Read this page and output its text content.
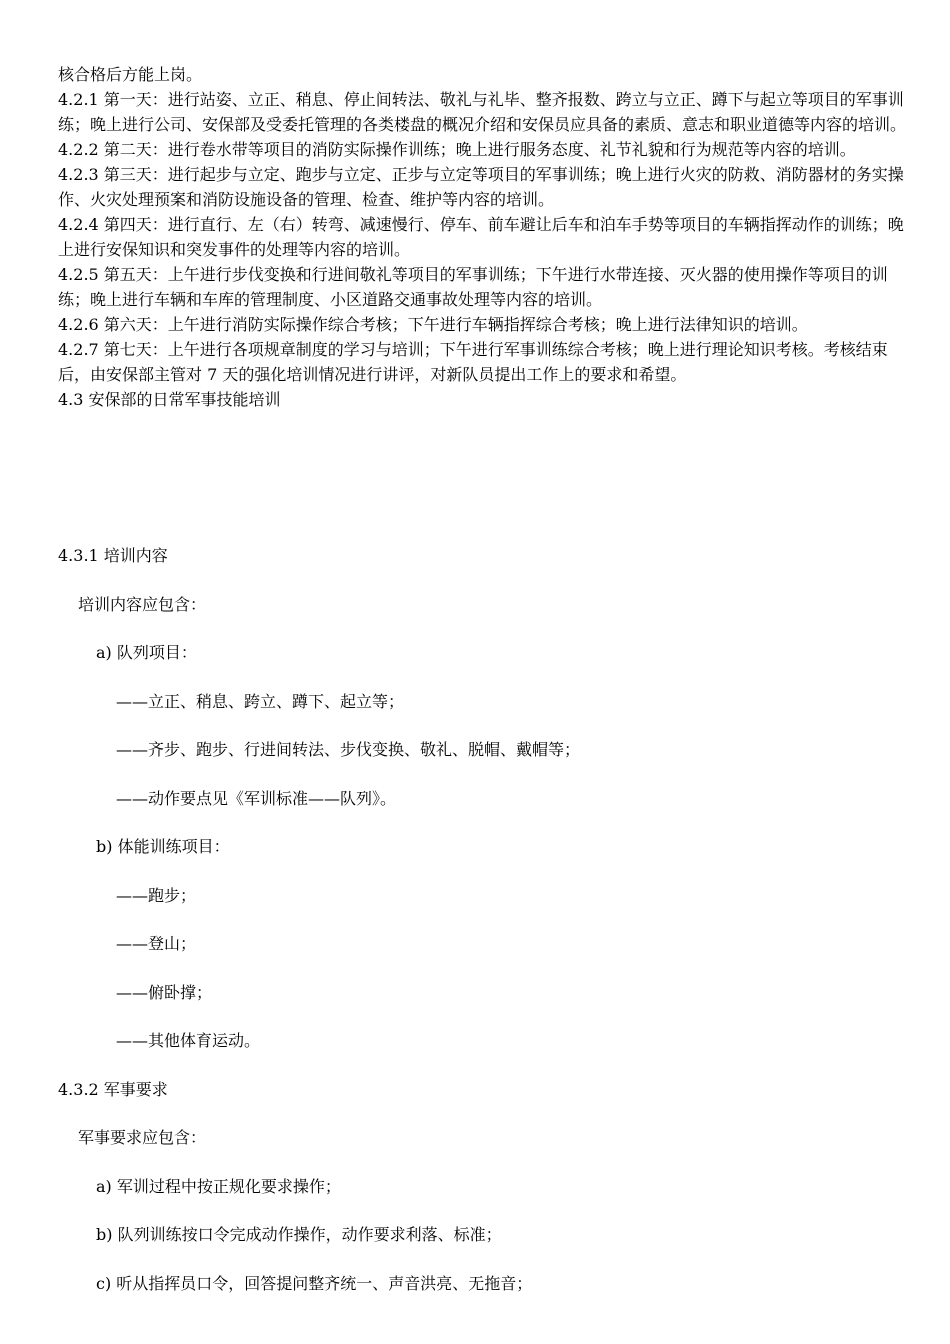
核合格后方能上岗。

4.2.1 第一天：进行站姿、立正、稍息、停止间转法、敬礼与礼毕、整齐报数、跨立与立正、蹲下与起立等项目的军事训练；晚上进行公司、安保部及受委托管理的各类楼盘的概况介绍和安保员应具备的素质、意志和职业道德等内容的培训。

4.2.2 第二天：进行卷水带等项目的消防实际操作训练；晚上进行服务态度、礼节礼貌和行为规范等内容的培训。

4.2.3 第三天：进行起步与立定、跑步与立定、正步与立定等项目的军事训练；晚上进行火灾的防救、消防器材的务实操作、火灾处理预案和消防设施设备的管理、检查、维护等内容的培训。

4.2.4 第四天：进行直行、左（右）转弯、减速慢行、停车、前车避让后车和泊车手势等项目的车辆指挥动作的训练；晚上进行安保知识和突发事件的处理等内容的培训。

4.2.5 第五天：上午进行步伐变换和行进间敬礼等项目的军事训练；下午进行水带连接、灭火器的使用操作等项目的训练；晚上进行车辆和车库的管理制度、小区道路交通事故处理等内容的培训。

4.2.6 第六天：上午进行消防实际操作综合考核；下午进行车辆指挥综合考核；晚上进行法律知识的培训。

4.2.7 第七天：上午进行各项规章制度的学习与培训；下午进行军事训练综合考核；晚上进行理论知识考核。考核结束后，由安保部主管对 7 天的强化培训情况进行讲评，对新队员提出工作上的要求和希望。

4.3 安保部的日常军事技能培训

4.3.1 培训内容

培训内容应包含：

a) 队列项目：

——立正、稍息、跨立、蹲下、起立等；

——齐步、跑步、行进间转法、步伐变换、敬礼、脱帽、戴帽等；

——动作要点见《军训标准——队列》。

b) 体能训练项目：

——跑步；

——登山；

——俯卧撑；

——其他体育运动。

4.3.2 军事要求

军事要求应包含：

a) 军训过程中按正规化要求操作；

b) 队列训练按口令完成动作操作，动作要求利落、标准；

c) 听从指挥员口令，回答提问整齐统一、声音洪亮、无拖音；
